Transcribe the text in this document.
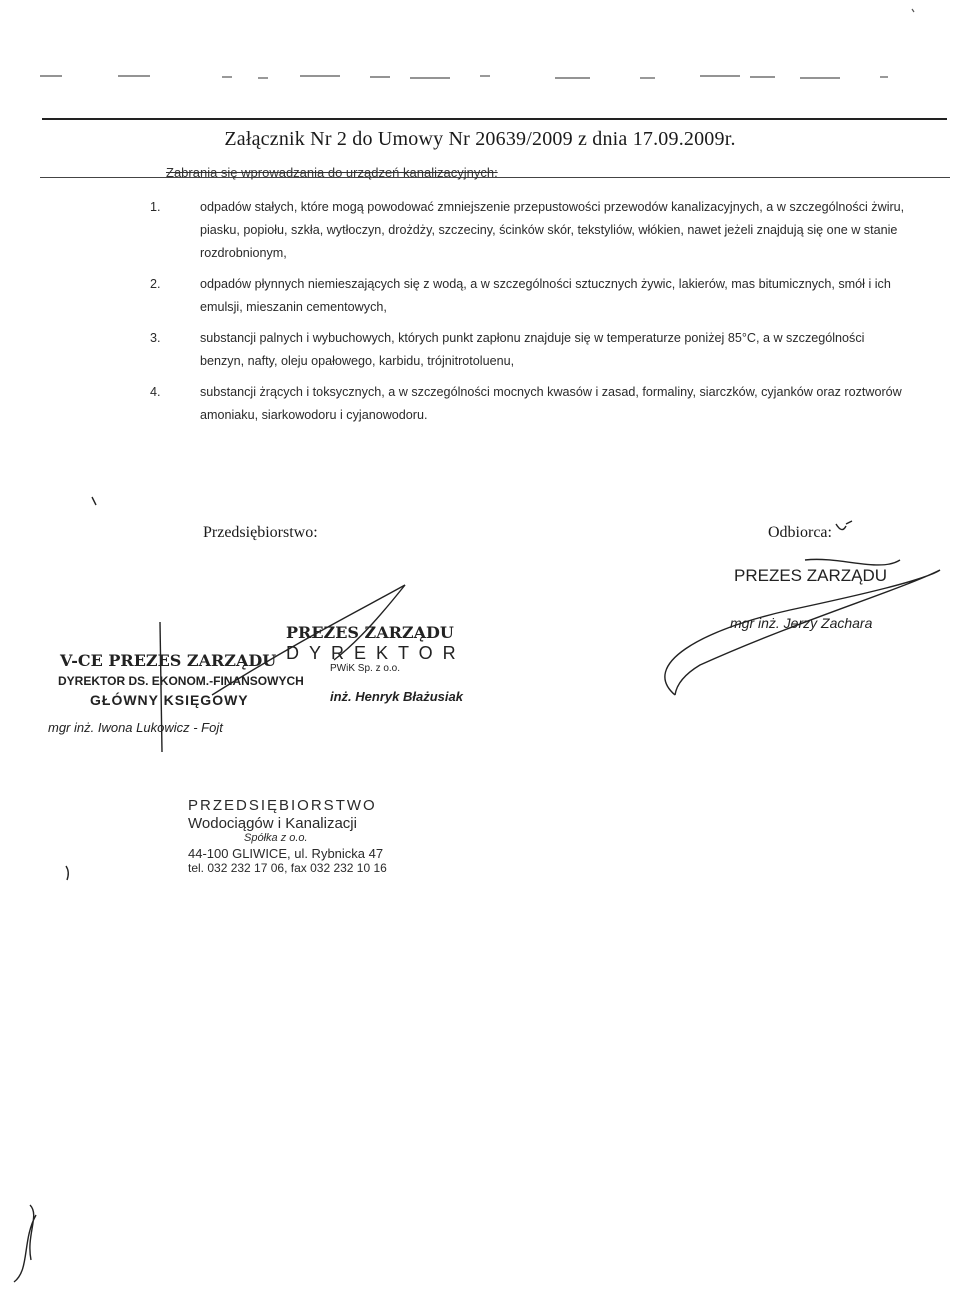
Załącznik Nr 2 do Umowy Nr 20639/2009 z dnia 17.09.2009r.
Zabrania się wprowadzania do urządzeń kanalizacyjnych:
1.	odpadów stałych, które mogą powodować zmniejszenie przepustowości przewodów kanalizacyjnych, a w szczególności żwiru, piasku, popiołu, szkła, wytłoczyn, drożdży, szczeciny, ścinków skór, tekstyliów, włókien, nawet jeżeli znajdują się one w stanie rozdrobnionym,
2.	odpadów płynnych niemieszających się z wodą, a w szczególności sztucznych żywic, lakierów, mas bitumicznych, smół i ich emulsji, mieszanin cementowych,
3.	substancji palnych i wybuchowych, których punkt zapłonu znajduje się w temperaturze poniżej 85°C, a w szczególności benzyn, nafty, oleju opałowego, karbidu, trójnitrotoluenu,
4.	substancji żrących i toksycznych, a w szczególności mocnych kwasów i zasad, formaliny, siarczków, cyjanków oraz roztworów amoniaku, siarkowodoru i cyjanowodoru.
Przedsiębiorstwo:	Odbiorca:
V-CE PREZES ZARZĄDU
DYREKTOR DS. EKONOM.-FINANSOWYCH
GŁÓWNY KSIĘGOWY
mgr inż. Iwona Lukowicz - Fojt
PREZES ZARZĄDU
DYREKTOR
PWiK Sp. z o.o.
inż. Henryk Błażusiak
PREZES ZARZĄDU
mgr inż. Jerzy Zachara
PRZEDSIĘBIORSTWO
Wodociągów i Kanalizacji
Spółka z o.o.
44-100 GLIWICE, ul. Rybnicka 47
tel. 032 232 17 06, fax 032 232 10 16
